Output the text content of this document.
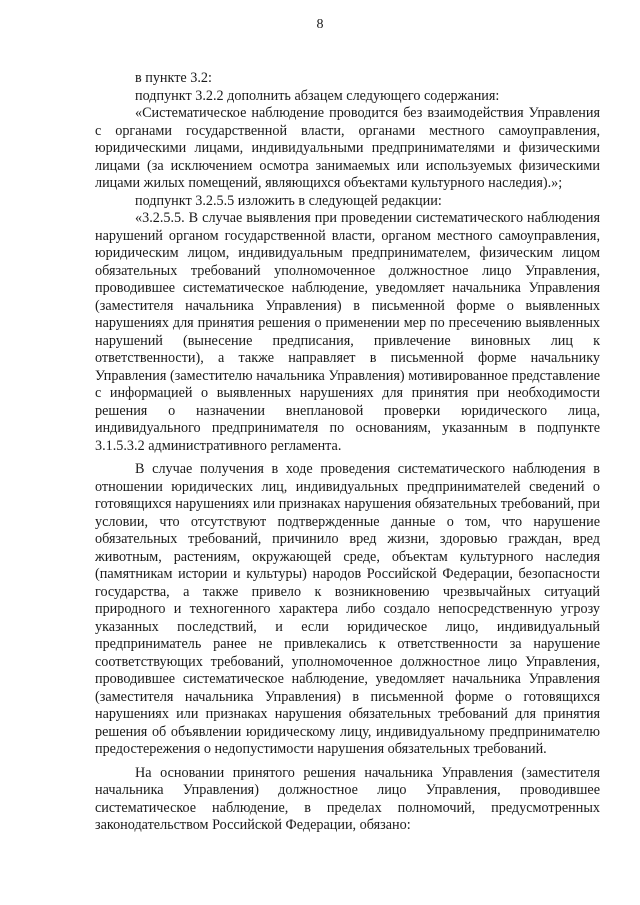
8

в пункте 3.2:

подпункт 3.2.2 дополнить абзацем следующего содержания:

«Систематическое наблюдение проводится без взаимодействия Управления с органами государственной власти, органами местного самоуправления, юридическими лицами, индивидуальными предпринимателями и физическими лицами (за исключением осмотра занимаемых или используемых физическими лицами жилых помещений, являющихся объектами культурного наследия).»;

подпункт 3.2.5.5 изложить в следующей редакции:

«3.2.5.5. В случае выявления при проведении систематического наблюдения нарушений органом государственной власти, органом местного самоуправления, юридическим лицом, индивидуальным предпринимателем, физическим лицом обязательных требований уполномоченное должностное лицо Управления, проводившее систематическое наблюдение, уведомляет начальника Управления (заместителя начальника Управления) в письменной форме о выявленных нарушениях для принятия решения о применении мер по пресечению выявленных нарушений (вынесение предписания, привлечение виновных лиц к ответственности), а также направляет в письменной форме начальнику Управления (заместителю начальника Управления) мотивированное представление с информацией о выявленных нарушениях для принятия при необходимости решения о назначении внеплановой проверки юридического лица, индивидуального предпринимателя по основаниям, указанным в подпункте 3.1.5.3.2 административного регламента.

В случае получения в ходе проведения систематического наблюдения в отношении юридических лиц, индивидуальных предпринимателей сведений о готовящихся нарушениях или признаках нарушения обязательных требований, при условии, что отсутствуют подтвержденные данные о том, что нарушение обязательных требований, причинило вред жизни, здоровью граждан, вред животным, растениям, окружающей среде, объектам культурного наследия (памятникам истории и культуры) народов Российской Федерации, безопасности государства, а также привело к возникновению чрезвычайных ситуаций природного и техногенного характера либо создало непосредственную угрозу указанных последствий, и если юридическое лицо, индивидуальный предприниматель ранее не привлекались к ответственности за нарушение соответствующих требований, уполномоченное должностное лицо Управления, проводившее систематическое наблюдение, уведомляет начальника Управления (заместителя начальника Управления) в письменной форме о готовящихся нарушениях или признаках нарушения обязательных требований для принятия решения об объявлении юридическому лицу, индивидуальному предпринимателю предостережения о недопустимости нарушения обязательных требований.

На основании принятого решения начальника Управления (заместителя начальника Управления) должностное лицо Управления, проводившее систематическое наблюдение, в пределах полномочий, предусмотренных законодательством Российской Федерации, обязано:
